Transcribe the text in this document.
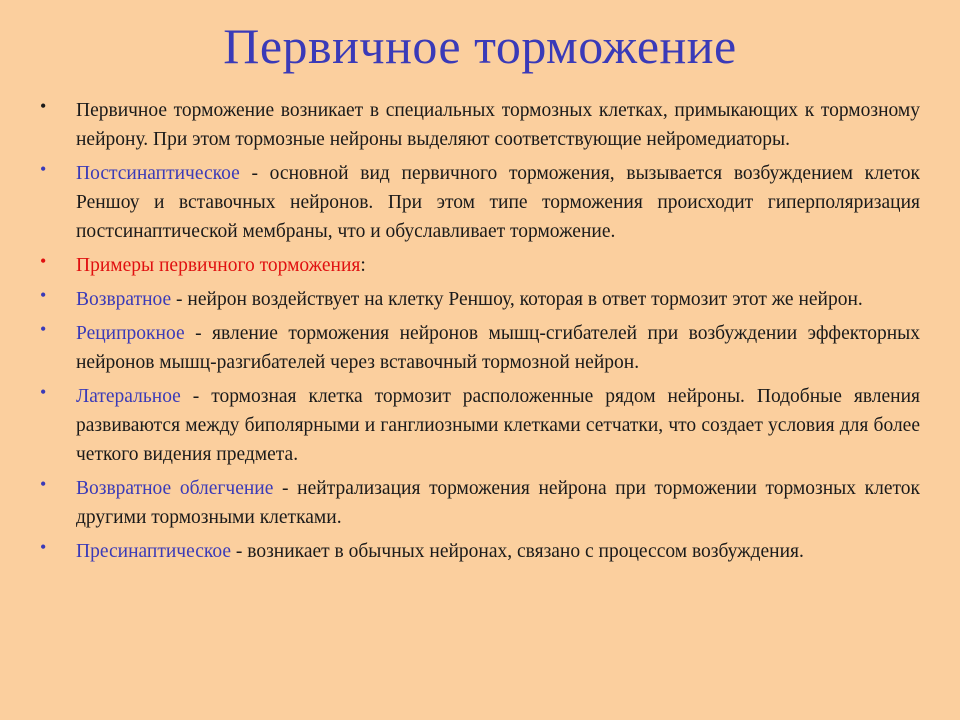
Первичное торможение
• Первичное торможение возникает в специальных тормозных клетках, примыкающих к тормозному нейрону. При этом тормозные нейроны выделяют соответствующие нейромедиаторы.
• Постсинаптическое - основной вид первичного торможения, вызывается возбуждением клеток Реншоу и вставочных нейронов. При этом типе торможения происходит гиперполяризация постсинаптической мембраны, что и обуславливает торможение.
• Примеры первичного торможения:
• Возвратное - нейрон воздействует на клетку Реншоу, которая в ответ тормозит этот же нейрон.
• Реципрокное - явление торможения нейронов мышц-сгибателей при возбуждении эффекторных нейронов мышц-разгибателей через вставочный тормозной нейрон.
• Латеральное - тормозная клетка тормозит расположенные рядом нейроны. Подобные явления развиваются между биполярными и ганглиозными клетками сетчатки, что создает условия для более четкого видения предмета.
• Возвратное облегчение - нейтрализация торможения нейрона при торможении тормозных клеток другими тормозными клетками.
• Пресинаптическое - возникает в обычных нейронах, связано с процессом возбуждения.
